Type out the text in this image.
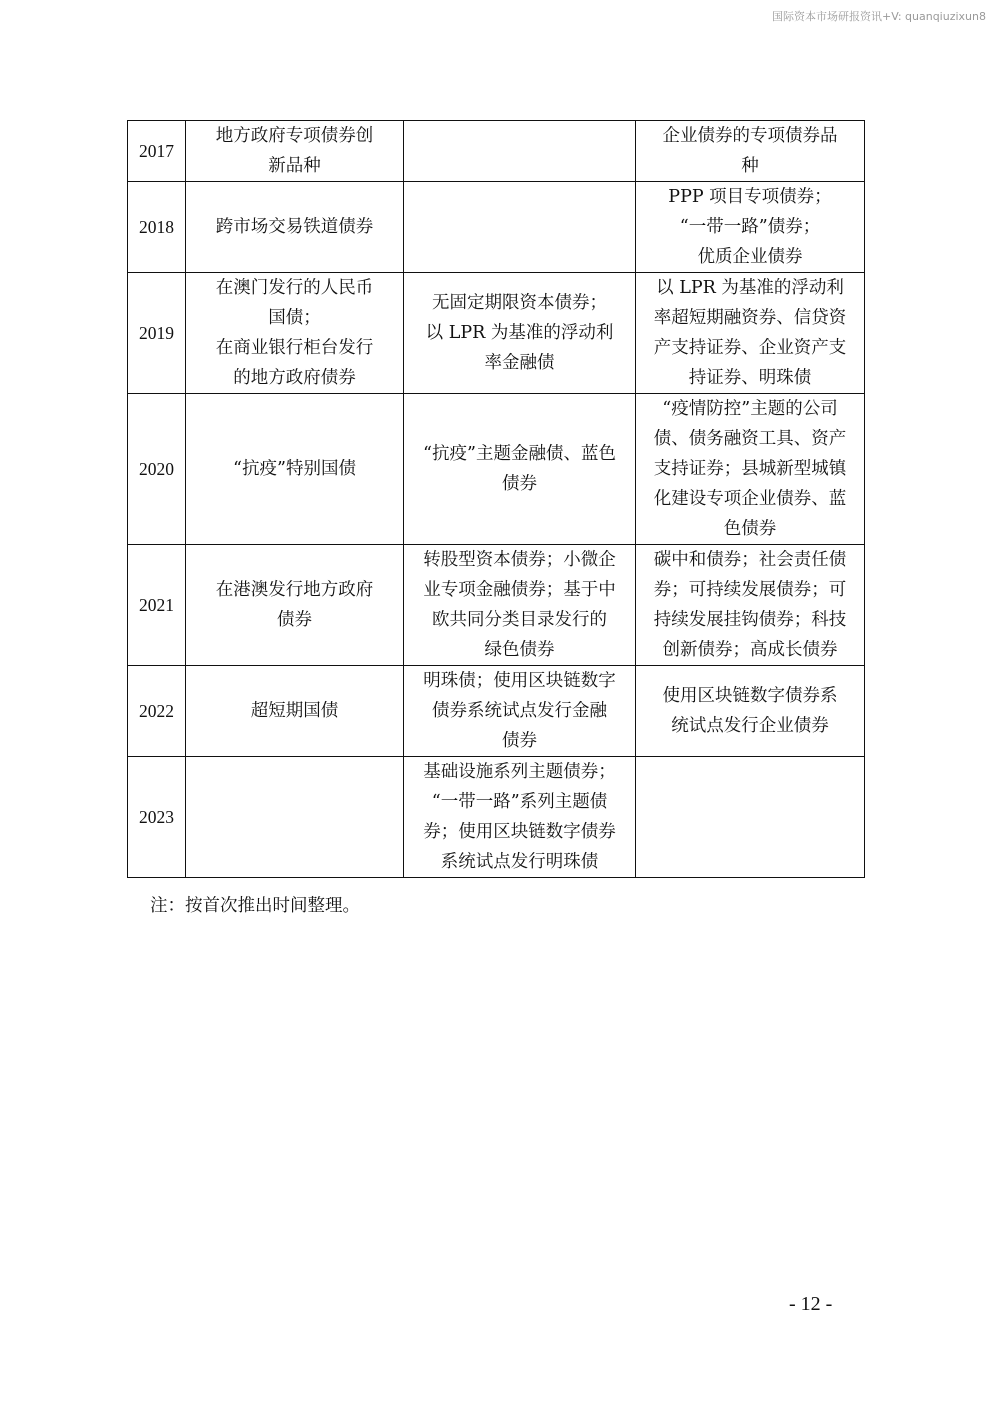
国际资本市场研报资讯+V: quanqiuzixun8
2017	地方政府专项债券创
新品种		企业债券的专项债券品
种

2018	跨市场交易铁道债券		PPP 项目专项债券；
“一带一路”债券；
优质企业债券

2019	在澳门发行的人民币
国债；
在商业银行柜台发行
的地方政府债券	无固定期限资本债券；
以 LPR 为基准的浮动利
率金融债	以 LPR 为基准的浮动利
率超短期融资券、信贷资
产支持证券、企业资产支
持证券、明珠债

2020	“抗疫”特别国债	“抗疫”主题金融债、蓝色
债券	“疫情防控”主题的公司
债、债务融资工具、资产
支持证券；县城新型城镇
化建设专项企业债券、蓝
色债券

2021	在港澳发行地方政府
债券	转股型资本债券；小微企
业专项金融债券；基于中
欧共同分类目录发行的
绿色债券	碳中和债券；社会责任债
券；可持续发展债券；可
持续发展挂钩债券；科技
创新债券；高成长债券

2022	超短期国债	明珠债；使用区块链数字
债券系统试点发行金融
债券	使用区块链数字债券系
统试点发行企业债券

2023		基础设施系列主题债券；
“一带一路”系列主题债
券；使用区块链数字债券
系统试点发行明珠债	

注：按首次推出时间整理。
- 12 -
